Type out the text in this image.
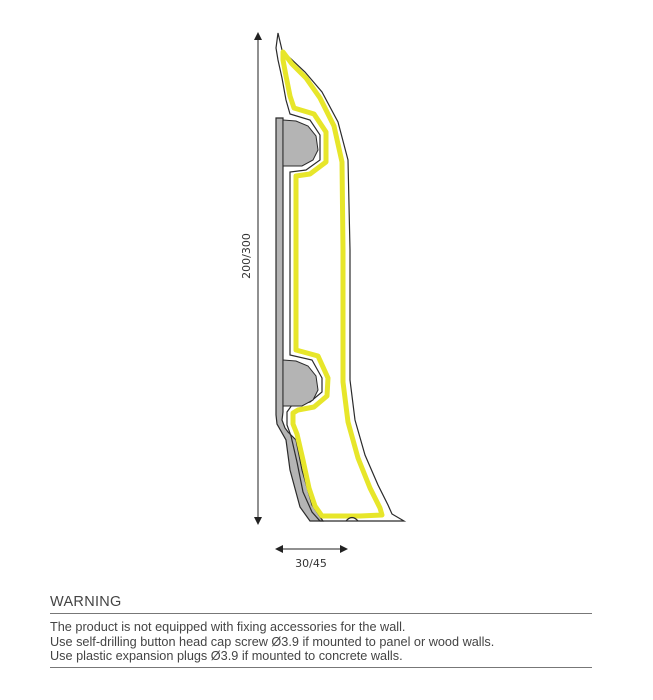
200/300
30/45
WARNING
The product is not equipped with fixing accessories for the wall.
Use self-drilling button head cap screw Ø3.9 if mounted to panel or wood walls.
Use plastic expansion plugs Ø3.9 if mounted to concrete walls.
